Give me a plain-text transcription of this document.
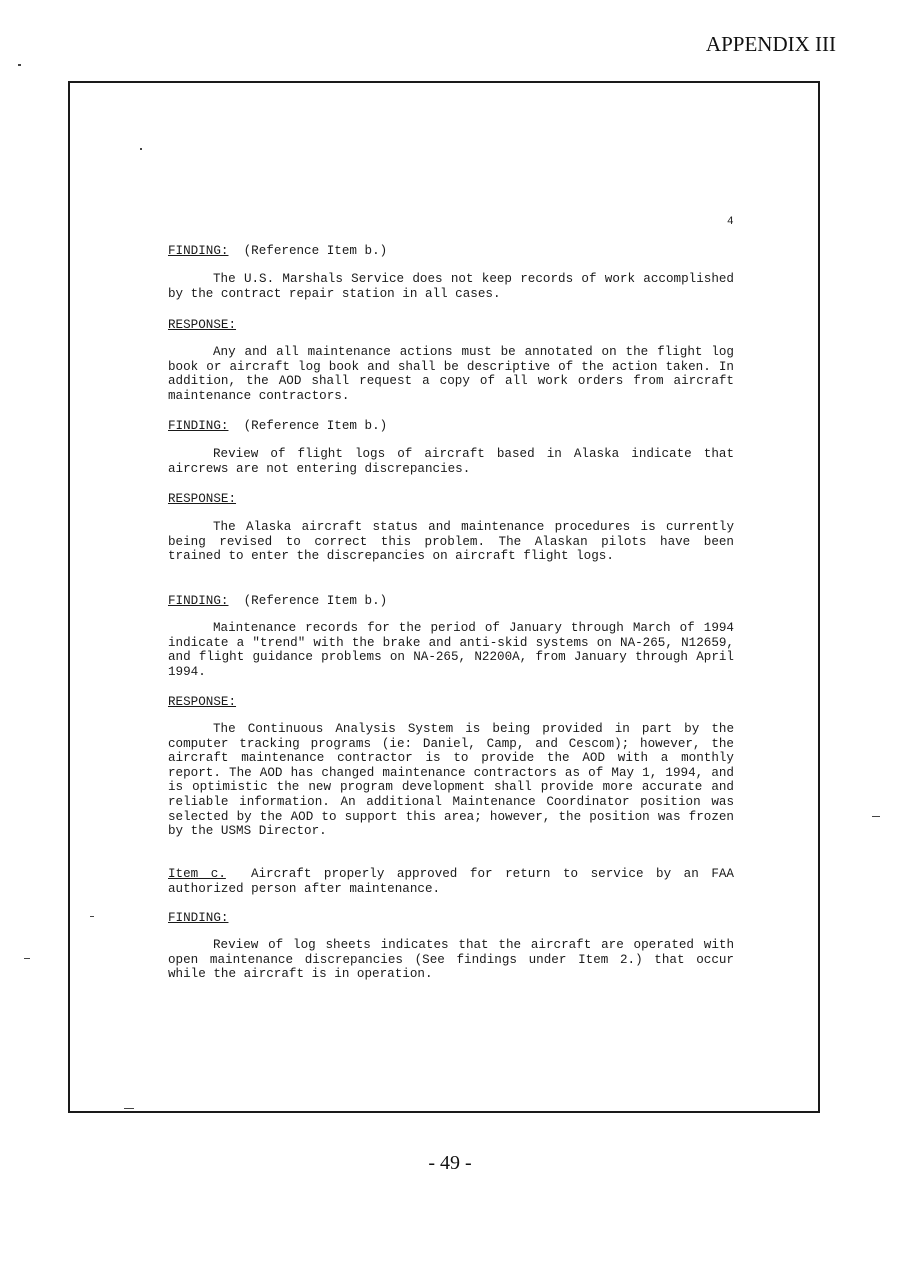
APPENDIX III
4

FINDING: (Reference Item b.)

The U.S. Marshals Service does not keep records of work accomplished by the contract repair station in all cases.

RESPONSE:

Any and all maintenance actions must be annotated on the flight log book or aircraft log book and shall be descriptive of the action taken. In addition, the AOD shall request a copy of all work orders from aircraft maintenance contractors.

FINDING: (Reference Item b.)

Review of flight logs of aircraft based in Alaska indicate that aircrews are not entering discrepancies.

RESPONSE:

The Alaska aircraft status and maintenance procedures is currently being revised to correct this problem. The Alaskan pilots have been trained to enter the discrepancies on aircraft flight logs.

FINDING: (Reference Item b.)

Maintenance records for the period of January through March of 1994 indicate a "trend" with the brake and anti-skid systems on NA-265, N12659, and flight guidance problems on NA-265, N2200A, from January through April 1994.

RESPONSE:

The Continuous Analysis System is being provided in part by the computer tracking programs (ie: Daniel, Camp, and Cescom); however, the aircraft maintenance contractor is to provide the AOD with a monthly report. The AOD has changed maintenance contractors as of May 1, 1994, and is optimistic the new program development shall provide more accurate and reliable information. An additional Maintenance Coordinator position was selected by the AOD to support this area; however, the position was frozen by the USMS Director.

Item c. Aircraft properly approved for return to service by an FAA authorized person after maintenance.

FINDING:

Review of log sheets indicates that the aircraft are operated with open maintenance discrepancies (See findings under Item 2.) that occur while the aircraft is in operation.

- 49 -
